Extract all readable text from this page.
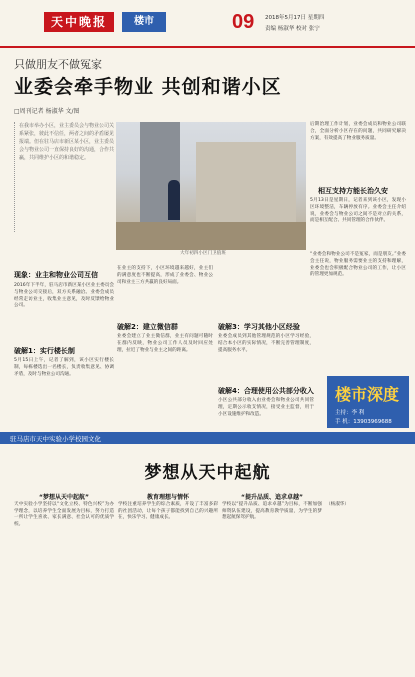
天中晚报	楼市	09 2018年5月17日 星期四
责编 杨淑华 校对 张宁
只做朋友不做冤家
业委会牵手物业 共创和谐小区
□周刊记者 杨淑华 文/图
在我市举办小区，业主委员会与物业公司关系紧张，彼此不信任，两者之间的矛盾屡见报端。但在驻马店市新区某小区，业主委员会与物业公司一直保持良好的沟通，合作共赢，共同维护小区的和谐稳定。
大年初四小区门卫值班
后期治理工作计划，业委会成员和物业公司联合，全面分析小区存在的问题，共同研究解决方案，有效提高了物业服务质量。
相互支持方能长治久安
5月13日是星期日，记者来到该小区，发现小区环境整洁，车辆停放有序。业委会主任介绍说，业委会与物业公司之间不是对立的关系，而是相互配合、共同管理的合作伙伴。
“业委会和物业公司不是冤家，而是朋友。”业委会主任说，物业服务需要业主的支持和理解，业委会也会积极配合物业公司的工作，让小区的管理更加规范。
现象：业主和物业公司互信
2016年下半年，驻马店市新区某小区业主委员会与物业公司交接后，双方关系融洽。业委会成员经常走访业主，收集业主意见，及时反馈给物业公司。
破解1：实行楼长制
5月15日上午，记者了解到，该小区实行楼长制，每栋楼选出一名楼长，负责收集意见、协调矛盾，及时与物业公司沟通。
在业主的支持下，小区环境越来越好，业主们的满意度也不断提高，形成了业委会、物业公司和业主三方共赢的良好局面。
破解2：建立微信群
业委会建立了业主微信群，业主有问题可随时在群内反映，物业公司工作人员及时回应处理，拉近了物业与业主之间的距离。
破解3：学习其他小区经验
业委会成员到其他管理规范的小区学习经验，结合本小区的实际情况，不断完善管理制度，提高服务水平。
破解4：合理使用公共部分收入
小区公共部分收入由业委会和物业公司共同管理，定期公示收支情况，接受业主监督，用于小区设施维护和改造。
楼市深度
主持：李 利
手 机：13903969688
驻马店市天中实验小学校园文化
梦想从天中起航
“梦想从天中起航”
天中实验小学坚持以“文化立校、特色兴校”为办学理念，以培养学生全面发展为目标，努力打造一所让学生喜欢、家长满意、社会认可的优质学校。
教育理想与情怀
学校注重培养学生的综合素质，开设了丰富多彩的社团活动，让每个孩子都能找到自己的兴趣所在，快乐学习、健康成长。
“提升品质、追求卓越”
学校以“提升品质、追求卓越”为目标，不断加强师资队伍建设，提高教育教学质量，为学生的梦想起航保驾护航。
（杨淑华）
